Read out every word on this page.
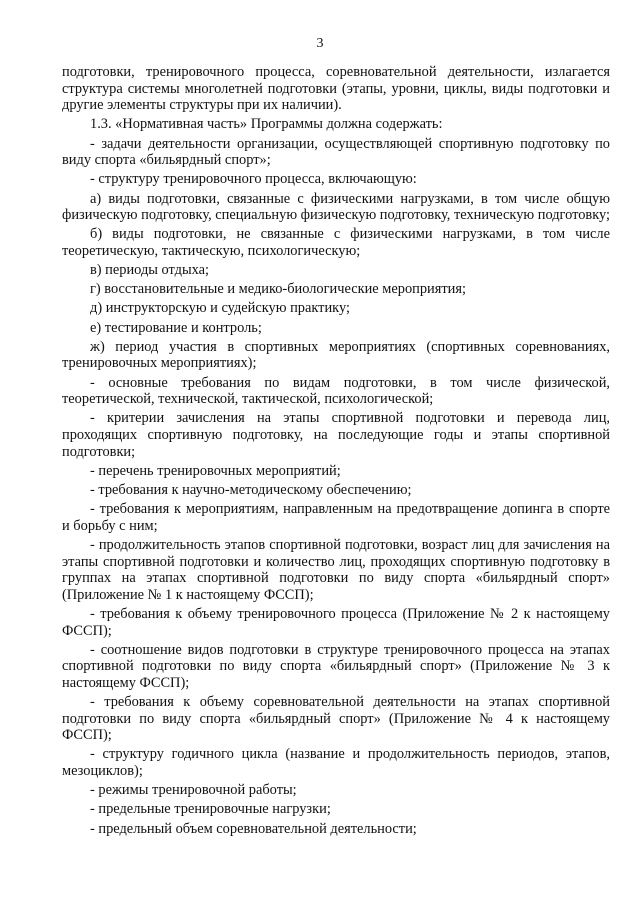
3

подготовки, тренировочного процесса, соревновательной деятельности, излагается структура системы многолетней подготовки (этапы, уровни, циклы, виды подготовки и другие элементы структуры при их наличии).

1.3. «Нормативная часть» Программы должна содержать:

- задачи деятельности организации, осуществляющей спортивную подготовку по виду спорта «бильярдный спорт»;

- структуру тренировочного процесса, включающую:

а) виды подготовки, связанные с физическими нагрузками, в том числе общую физическую подготовку, специальную физическую подготовку, техническую подготовку;

б) виды подготовки, не связанные с физическими нагрузками, в том числе теоретическую, тактическую, психологическую;

в) периоды отдыха;

г) восстановительные и медико-биологические мероприятия;

д) инструкторскую и судейскую практику;

е) тестирование и контроль;

ж) период участия в спортивных мероприятиях (спортивных соревнованиях, тренировочных мероприятиях);

- основные требования по видам подготовки, в том числе физической, теоретической, технической, тактической, психологической;

- критерии зачисления на этапы спортивной подготовки и перевода лиц, проходящих спортивную подготовку, на последующие годы и этапы спортивной подготовки;

- перечень тренировочных мероприятий;

- требования к научно-методическому обеспечению;

- требования к мероприятиям, направленным на предотвращение допинга в спорте и борьбу с ним;

- продолжительность этапов спортивной подготовки, возраст лиц для зачисления на этапы спортивной подготовки и количество лиц, проходящих спортивную подготовку в группах на этапах спортивной подготовки по виду спорта «бильярдный спорт» (Приложение № 1 к настоящему ФССП);

- требования к объему тренировочного процесса (Приложение № 2 к настоящему ФССП);

- соотношение видов подготовки в структуре тренировочного процесса на этапах спортивной подготовки по виду спорта «бильярдный спорт» (Приложение № 3 к настоящему ФССП);

- требования к объему соревновательной деятельности на этапах спортивной подготовки по виду спорта «бильярдный спорт» (Приложение № 4 к настоящему ФССП);

- структуру годичного цикла (название и продолжительность периодов, этапов, мезоциклов);

- режимы тренировочной работы;

- предельные тренировочные нагрузки;

- предельный объем соревновательной деятельности;
